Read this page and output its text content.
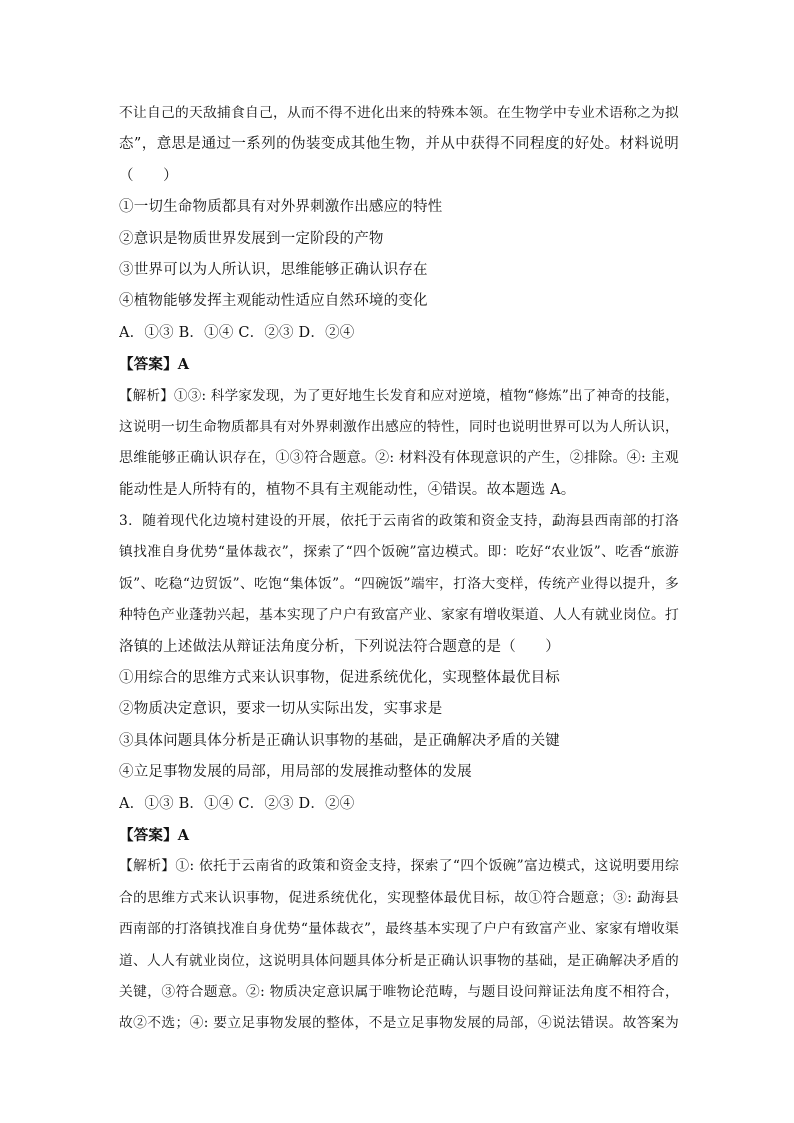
不让自己的天敌捕食自己，从而不得不进化出来的特殊本领。在生物学中专业术语称之为拟
态”，意思是通过一系列的伪装变成其他生物，并从中获得不同程度的好处。材料说明
（　　）
①一切生命物质都具有对外界刺激作出感应的特性
②意识是物质世界发展到一定阶段的产物
③世界可以为人所认识，思维能够正确认识存在
④植物能够发挥主观能动性适应自然环境的变化
A．①③ B．①④ C．②③ D．②④
【答案】A
【解析】①③: 科学家发现，为了更好地生长发育和应对逆境，植物“修炼”出了神奇的技能，
这说明一切生命物质都具有对外界刺激作出感应的特性，同时也说明世界可以为人所认识，
思维能够正确认识存在，①③符合题意。②: 材料没有体现意识的产生，②排除。④: 主观
能动性是人所特有的，植物不具有主观能动性，④错误。故本题选 A。
3．随着现代化边境村建设的开展，依托于云南省的政策和资金支持，勐海县西南部的打洛
镇找准自身优势“量体裁衣”，探索了“四个饭碗”富边模式。即：吃好“农业饭”、吃香“旅游
饭”、吃稳“边贸饭”、吃饱“集体饭”。“四碗饭”端牢，打洛大变样，传统产业得以提升，多
种特色产业蓬勃兴起，基本实现了户户有致富产业、家家有增收渠道、人人有就业岗位。打
洛镇的上述做法从辩证法角度分析，下列说法符合题意的是（　　）
①用综合的思维方式来认识事物，促进系统优化，实现整体最优目标
②物质决定意识，要求一切从实际出发，实事求是
③具体问题具体分析是正确认识事物的基础，是正确解决矛盾的关键
④立足事物发展的局部，用局部的发展推动整体的发展
A．①③ B．①④ C．②③ D．②④
【答案】A
【解析】①: 依托于云南省的政策和资金支持，探索了“四个饭碗”富边模式，这说明要用综
合的思维方式来认识事物，促进系统优化，实现整体最优目标，故①符合题意；③: 勐海县
西南部的打洛镇找准自身优势“量体裁衣”，最终基本实现了户户有致富产业、家家有增收渠
道、人人有就业岗位，这说明具体问题具体分析是正确认识事物的基础，是正确解决矛盾的
关键，③符合题意。②: 物质决定意识属于唯物论范畴，与题目设问辩证法角度不相符合，
故②不选；④: 要立足事物发展的整体，不是立足事物发展的局部，④说法错误。故答案为
